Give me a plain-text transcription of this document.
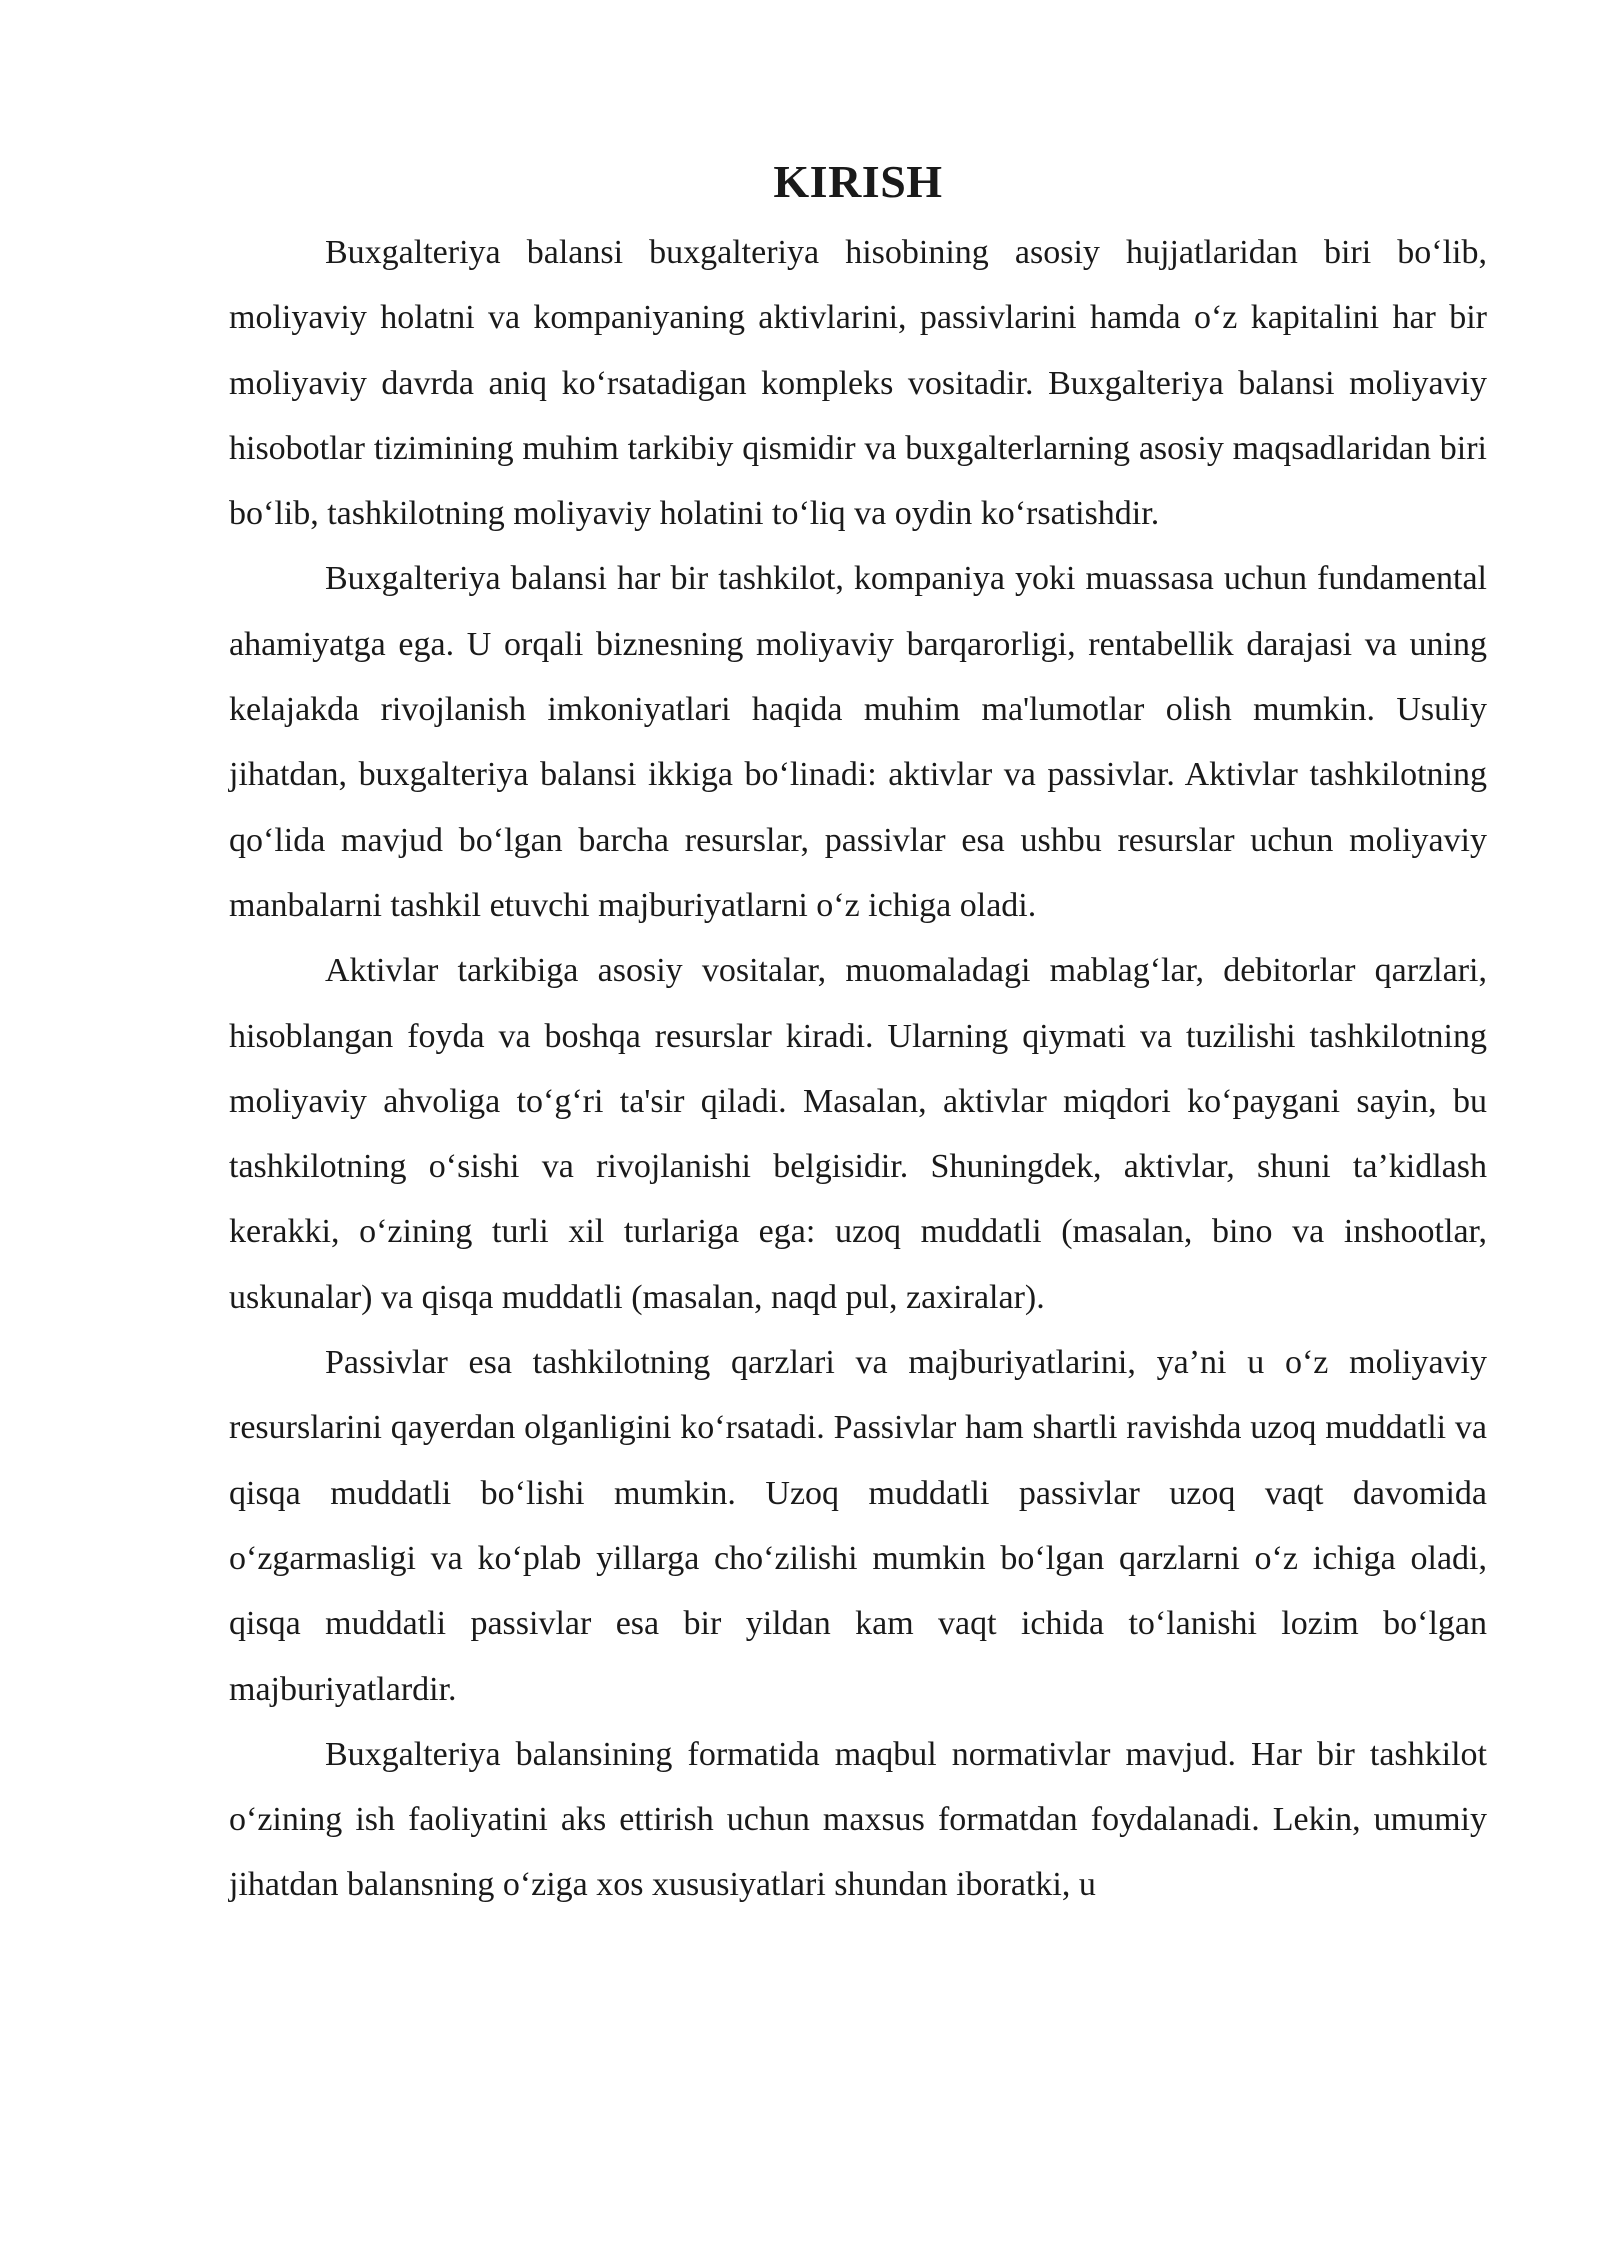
KIRISH

Buxgalteriya balansi buxgalteriya hisobining asosiy hujjatlaridan biri boʻlib, moliyaviy holatni va kompaniyaning aktivlarini, passivlarini hamda oʻz kapitalini har bir moliyaviy davrda aniq koʻrsatadigan kompleks vositadir. Buxgalteriya balansi moliyaviy hisobotlar tizimining muhim tarkibiy qismidir va buxgalterlarning asosiy maqsadlaridan biri boʻlib, tashkilotning moliyaviy holatini toʻliq va oydin koʻrsatishdir.

Buxgalteriya balansi har bir tashkilot, kompaniya yoki muassasa uchun fundamental ahamiyatga ega. U orqali biznesning moliyaviy barqarorligi, rentabellik darajasi va uning kelajakda rivojlanish imkoniyatlari haqida muhim ma'lumotlar olish mumkin. Usuliy jihatdan, buxgalteriya balansi ikkiga boʻlinadi: aktivlar va passivlar. Aktivlar tashkilotning qoʻlida mavjud boʻlgan barcha resurslar, passivlar esa ushbu resurslar uchun moliyaviy manbalarni tashkil etuvchi majburiyatlarni oʻz ichiga oladi.

Aktivlar tarkibiga asosiy vositalar, muomaladagi mablagʻlar, debitorlar qarzlari, hisoblangan foyda va boshqa resurslar kiradi. Ularning qiymati va tuzilishi tashkilotning moliyaviy ahvoliga toʻgʻri ta'sir qiladi. Masalan, aktivlar miqdori koʻpaygani sayin, bu tashkilotning oʻsishi va rivojlanishi belgisidir. Shuningdek, aktivlar, shuni ta’kidlash kerakki, oʻzining turli xil turlariga ega: uzoq muddatli (masalan, bino va inshootlar, uskunalar) va qisqa muddatli (masalan, naqd pul, zaxiralar).

Passivlar esa tashkilotning qarzlari va majburiyatlarini, ya’ni u oʻz moliyaviy resurslarini qayerdan olganligini koʻrsatadi. Passivlar ham shartli ravishda uzoq muddatli va qisqa muddatli boʻlishi mumkin. Uzoq muddatli passivlar uzoq vaqt davomida oʻzgarmasligi va koʻplab yillarga choʻzilishi mumkin boʻlgan qarzlarni oʻz ichiga oladi, qisqa muddatli passivlar esa bir yildan kam vaqt ichida toʻlanishi lozim boʻlgan majburiyatlardir.

Buxgalteriya balansining formatida maqbul normativlar mavjud. Har bir tashkilot oʻzining ish faoliyatini aks ettirish uchun maxsus formatdan foydalanadi. Lekin, umumiy jihatdan balansning oʻziga xos xususiyatlari shundan iboratki, u
